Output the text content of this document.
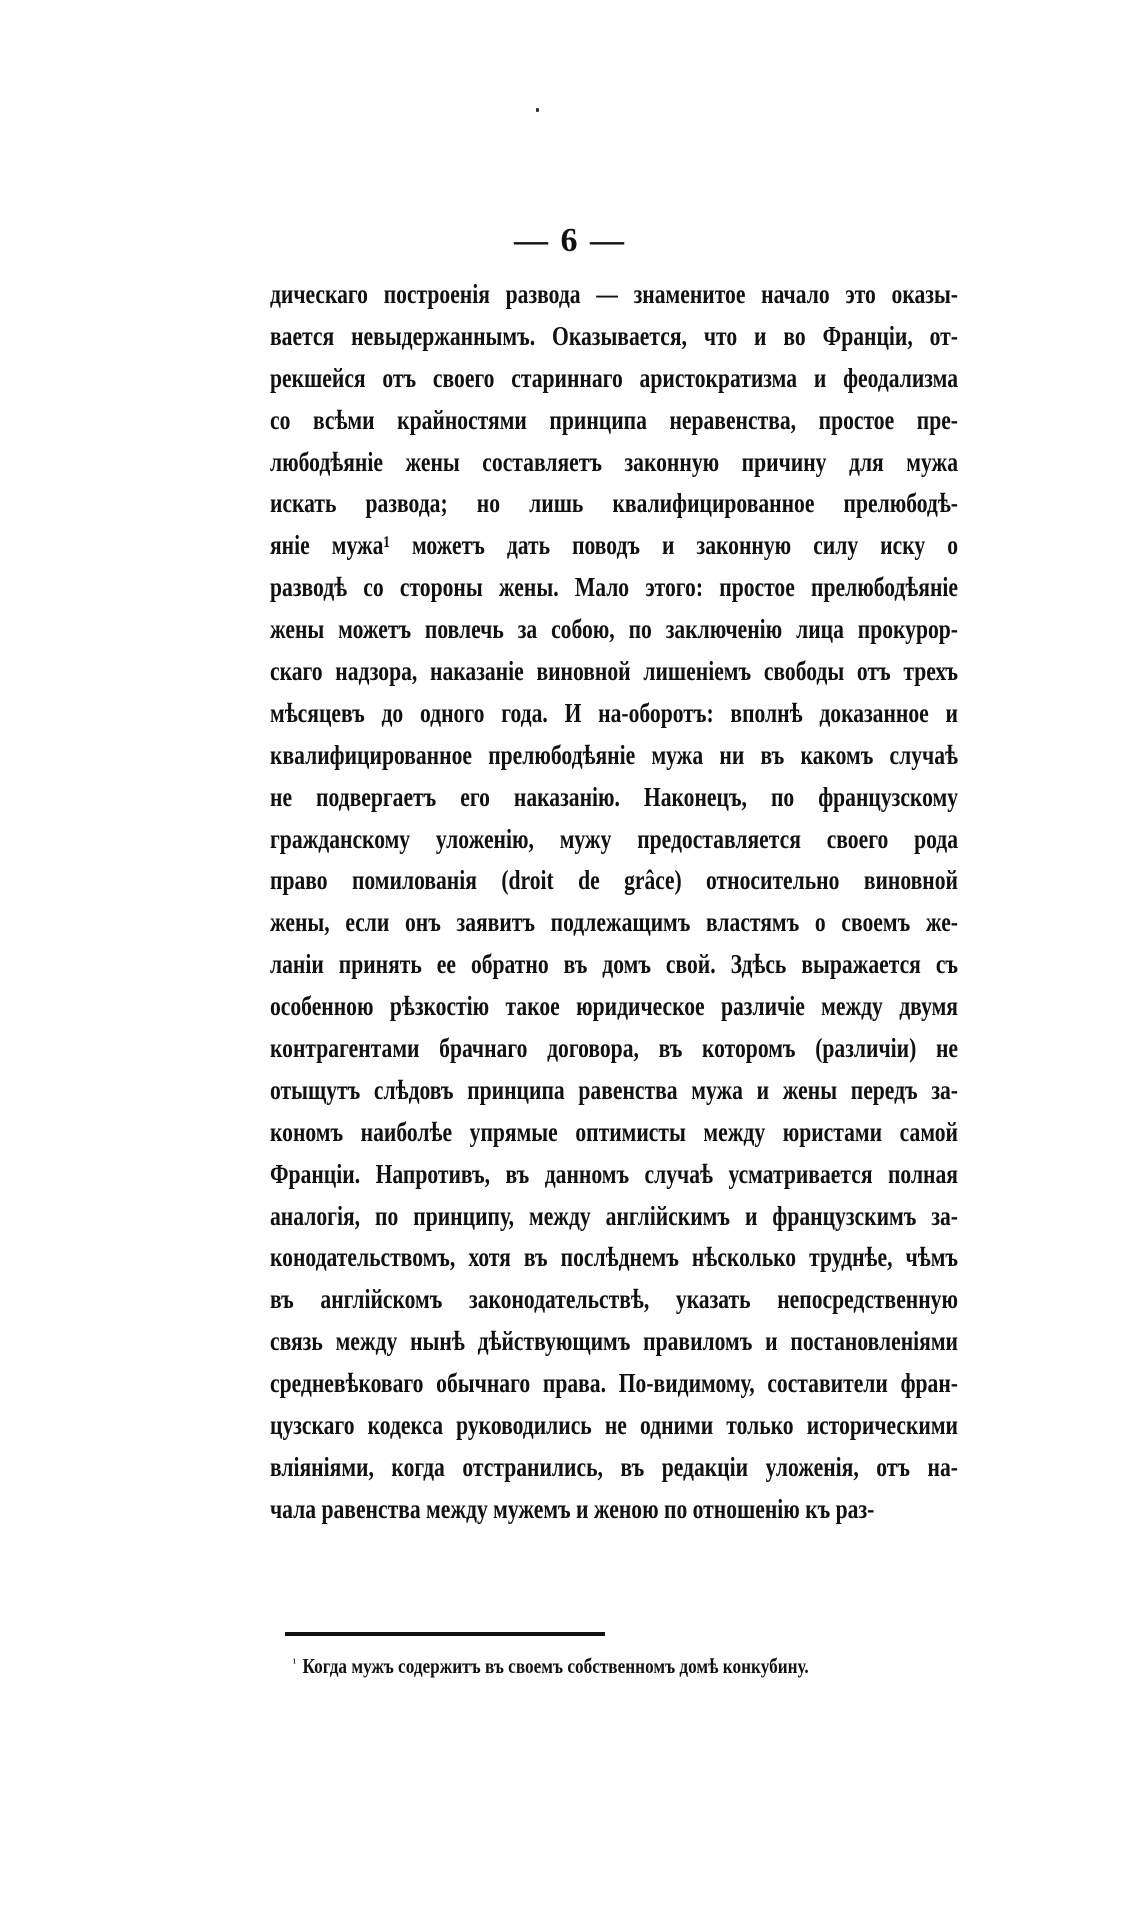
— 6 —
дическаго построенія развода — знаменитое начало это оказы-
вается невыдержаннымъ. Оказывается, что и во Франціи, от-
рекшейся отъ своего стариннаго аристократизма и феодализма
со всѣми крайностями принципа неравенства, простое пре-
любодѣяніе жены составляетъ законную причину для мужа
искать развода; но лишь квалифицированное прелюбодѣ-
яніе мужа¹ можетъ дать поводъ и законную силу иску о
разводѣ со стороны жены. Мало этого: простое прелюбодѣяніе
жены можетъ повлечь за собою, по заключенію лица прокурор-
скаго надзора, наказаніе виновной лишеніемъ свободы отъ трехъ
мѣсяцевъ до одного года. И на-оборотъ: вполнѣ доказанное и
квалифицированное прелюбодѣяніе мужа ни въ какомъ случаѣ
не подвергаетъ его наказанію. Наконецъ, по французскому
гражданскому уложенію, мужу предоставляется своего рода
право помилованія (droit de grâce) относительно виновной
жены, если онъ заявитъ подлежащимъ властямъ о своемъ же-
ланіи принять ее обратно въ домъ свой. Здѣсь выражается съ
особенною рѣзкостію такое юридическое различіе между двумя
контрагентами брачнаго договора, въ которомъ (различіи) не
отыщутъ слѣдовъ принципа равенства мужа и жены передъ за-
кономъ наиболѣе упрямые оптимисты между юристами самой
Франціи. Напротивъ, въ данномъ случаѣ усматривается полная
аналогія, по принципу, между англійскимъ и французскимъ за-
конодательствомъ, хотя въ послѣднемъ нѣсколько труднѣе, чѣмъ
въ англійскомъ законодательствѣ, указать непосредственную
связь между нынѣ дѣйствующимъ правиломъ и постановленіями
средневѣковаго обычнаго права. По-видимому, составители фран-
цузскаго кодекса руководились не одними только историческими
вліяніями, когда отстранились, въ редакціи уложенія, отъ на-
чала равенства между мужемъ и женою по отношенію къ раз-
$^{^1}$ Когда мужъ содержитъ въ своемъ собственномъ домѣ конкубину.
